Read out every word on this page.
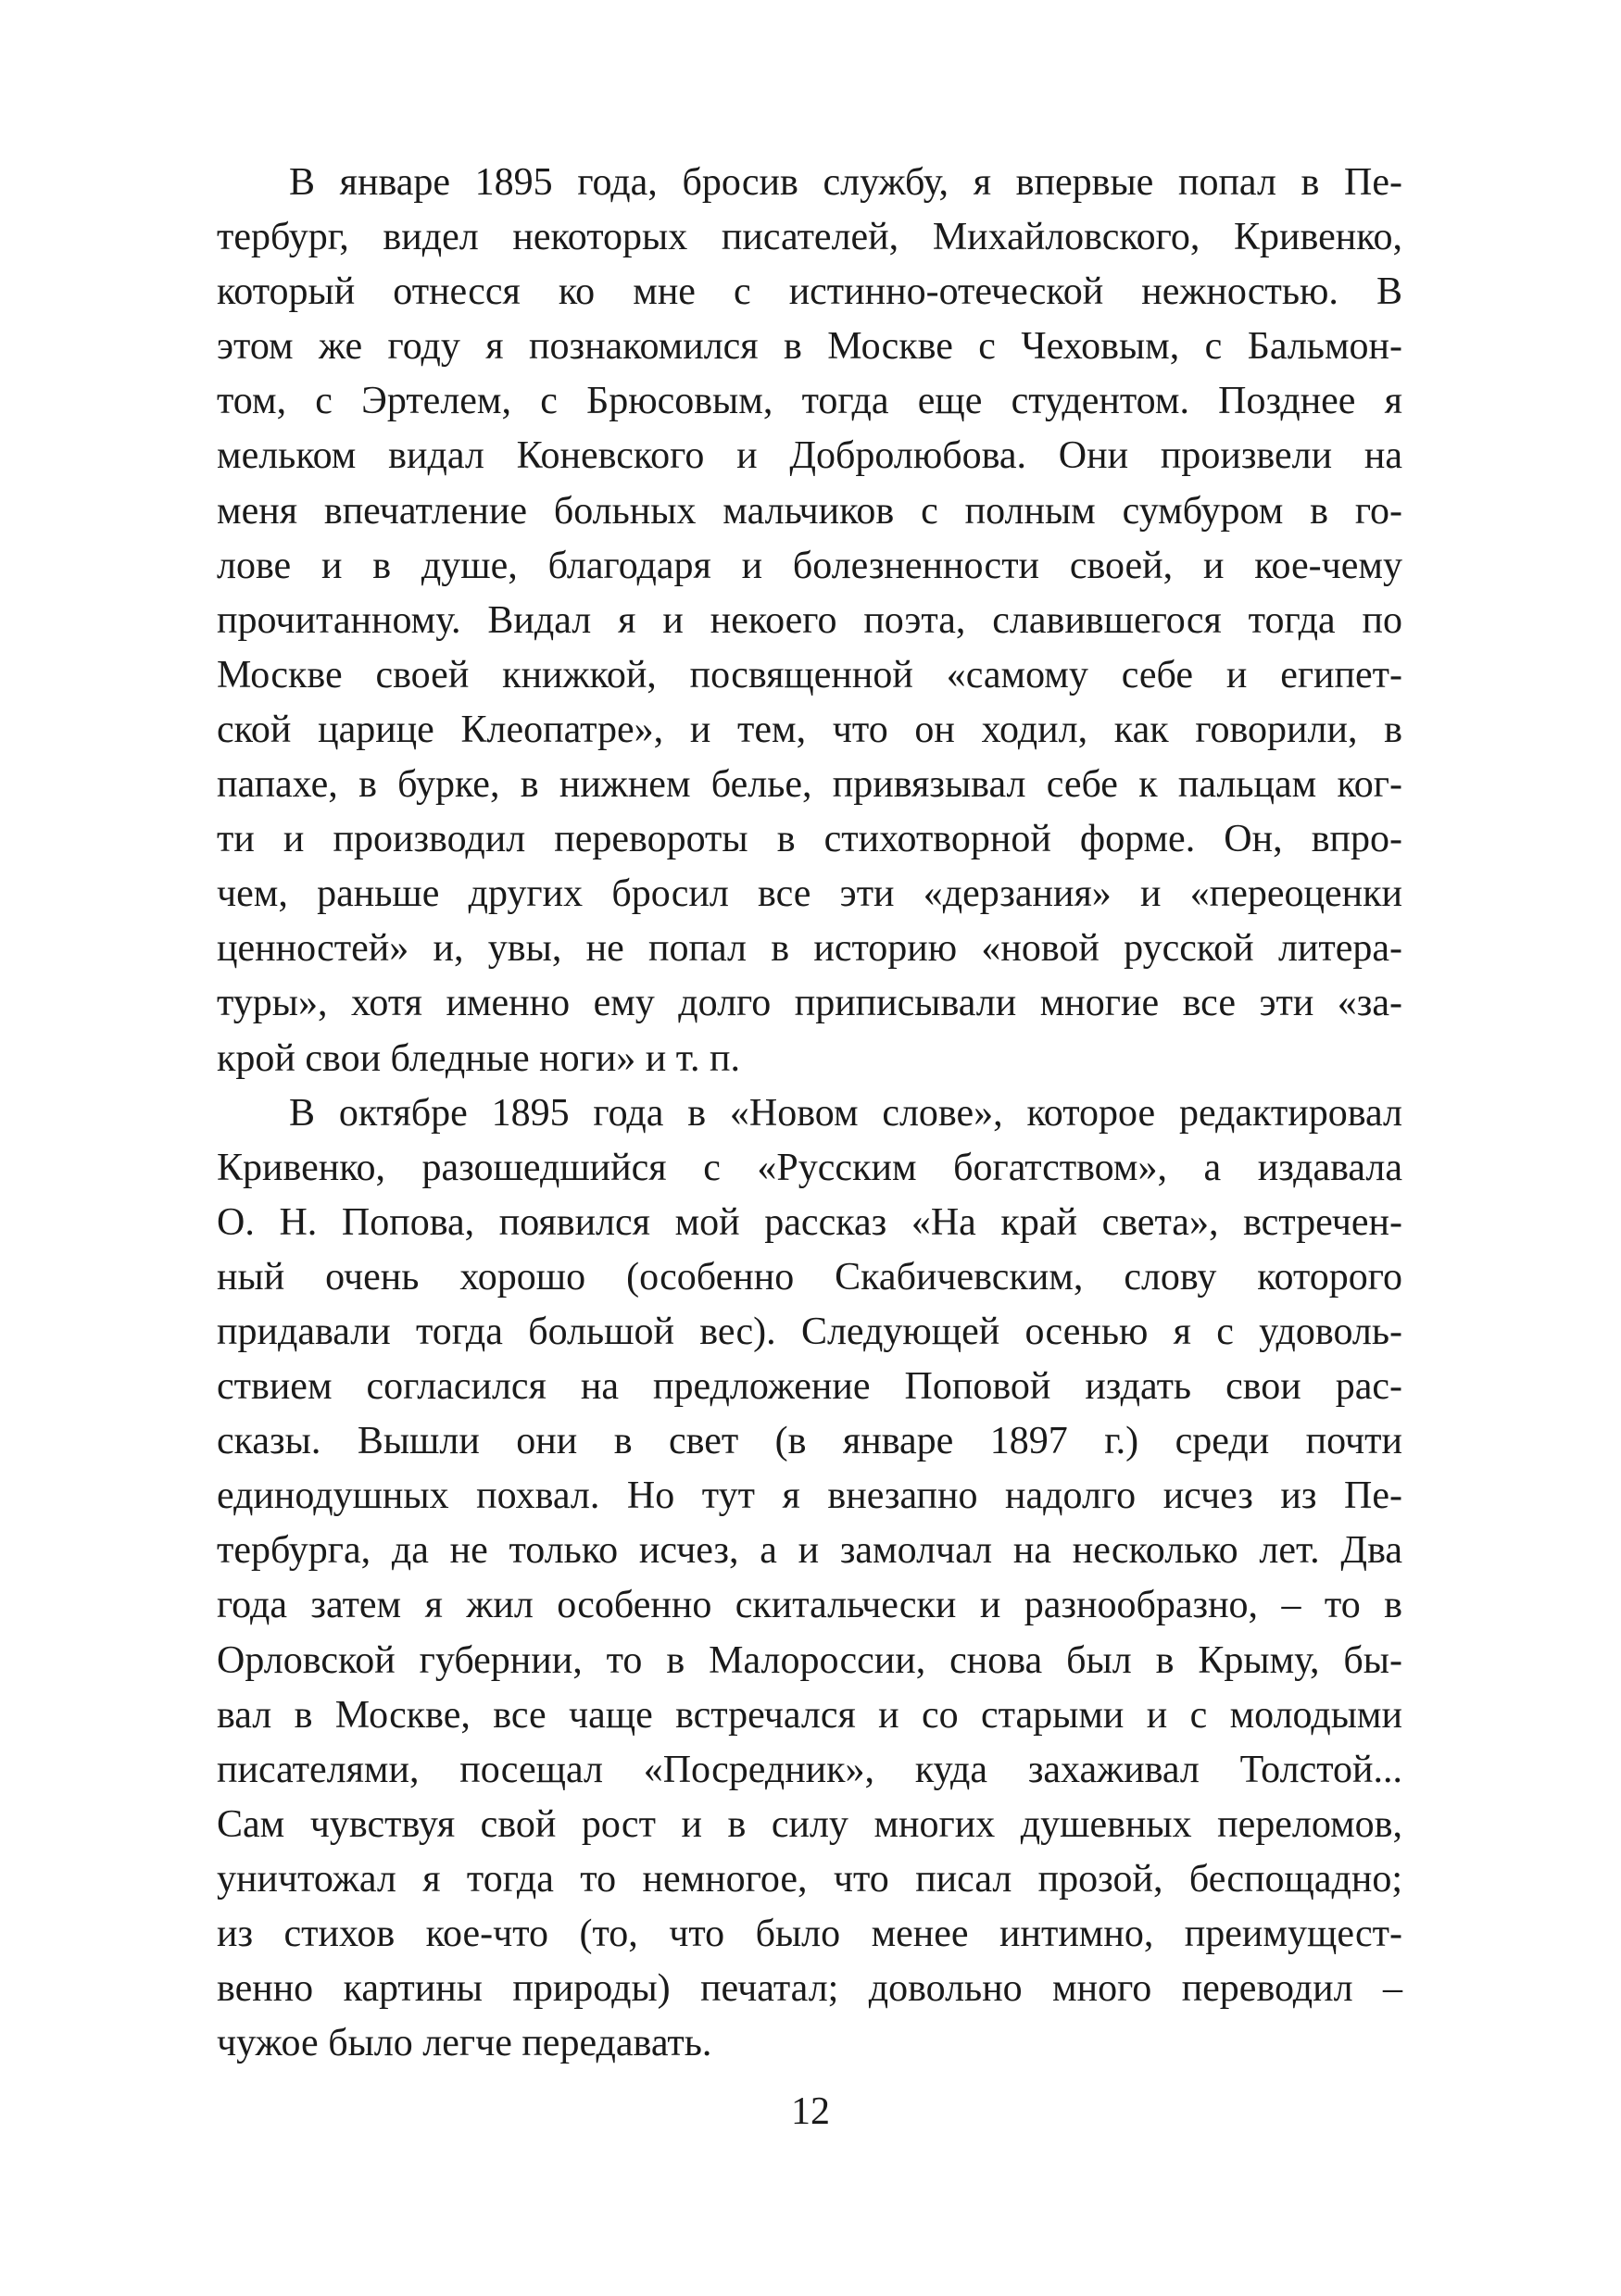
В январе 1895 года, бросив службу, я впервые попал в Пе-
тербург, видел некоторых писателей, Михайловского, Кривенко,
который отнесся ко мне с истинно-отеческой нежностью. В
этом же году я познакомился в Москве с Чеховым, с Бальмон-
том, с Эртелем, с Брюсовым, тогда еще студентом. Позднее я
мельком видал Коневского и Добролюбова. Они произвели на
меня впечатление больных мальчиков с полным сумбуром в го-
лове и в душе, благодаря и болезненности своей, и кое-чему
прочитанному. Видал я и некоего поэта, славившегося тогда по
Москве своей книжкой, посвященной «самому себе и египет-
ской царице Клеопатре», и тем, что он ходил, как говорили, в
папахе, в бурке, в нижнем белье, привязывал себе к пальцам ког-
ти и производил перевороты в стихотворной форме. Он, впро-
чем, раньше других бросил все эти «дерзания» и «переоценки
ценностей» и, увы, не попал в историю «новой русской литера-
туры», хотя именно ему долго приписывали многие все эти «за-
крой свои бледные ноги» и т. п.
В октябре 1895 года в «Новом слове», которое редактировал
Кривенко, разошедшийся с «Русским богатством», а издавала
О. Н. Попова, появился мой рассказ «На край света», встречен-
ный очень хорошо (особенно Скабичевским, слову которого
придавали тогда большой вес). Следующей осенью я с удоволь-
ствием согласился на предложение Поповой издать свои рас-
сказы. Вышли они в свет (в январе 1897 г.) среди почти
единодушных похвал. Но тут я внезапно надолго исчез из Пе-
тербурга, да не только исчез, а и замолчал на несколько лет. Два
года затем я жил особенно скитальчески и разнообразно, – то в
Орловской губернии, то в Малороссии, снова был в Крыму, бы-
вал в Москве, все чаще встречался и со старыми и с молодыми
писателями, посещал «Посредник», куда захаживал Толстой...
Сам чувствуя свой рост и в силу многих душевных переломов,
уничтожал я тогда то немногое, что писал прозой, беспощадно;
из стихов кое-что (то, что было менее интимно, преимущест-
венно картины природы) печатал; довольно много переводил –
чужое было легче передавать.
12
